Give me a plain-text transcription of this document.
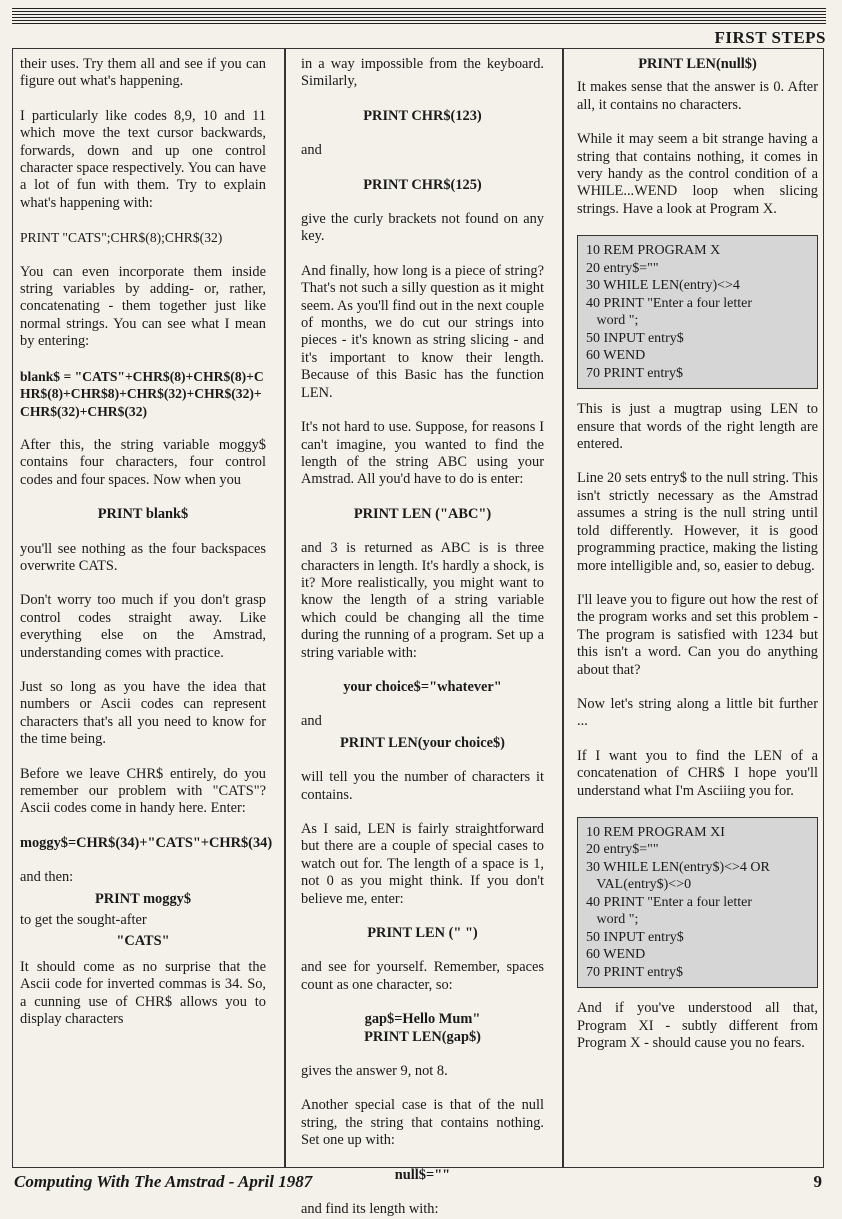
FIRST STEPS

their uses. Try them all and see if you can figure out what's happening.

I particularly like codes 8,9, 10 and 11 which move the text cursor backwards, forwards, down and up one control character space respectively. You can have a lot of fun with them. Try to explain what's happening with:

PRINT "CATS";CHR$(8);CHR$(32)

You can even incorporate them inside string variables by adding- or, rather, concatenating - them together just like normal strings. You can see what I mean by entering:

blank$ = "CATS"+CHR$(8)+CHR$(8)+CHR$(8)+CHR$8)+CHR$(32)+CHR$(32)+CHR$(32)+CHR$(32)

After this, the string variable moggy$ contains four characters, four control codes and four spaces. Now when you

PRINT blank$

you'll see nothing as the four backspaces overwrite CATS.

Don't worry too much if you don't grasp control codes straight away. Like everything else on the Amstrad, understanding comes with practice.

Just so long as you have the idea that numbers or Ascii codes can represent characters that's all you need to know for the time being.

Before we leave CHR$ entirely, do you remember our problem with "CATS"? Ascii codes come in handy here. Enter:

moggy$=CHR$(34)+"CATS"+CHR$(34)

and then:

PRINT moggy$

to get the sought-after

"CATS"

It should come as no surprise that the Ascii code for inverted commas is 34. So, a cunning use of CHR$ allows you to display characters

in a way impossible from the keyboard. Similarly,

PRINT CHR$(123)

and

PRINT CHR$(125)

give the curly brackets not found on any key.

And finally, how long is a piece of string? That's not such a silly question as it might seem. As you'll find out in the next couple of months, we do cut our strings into pieces - it's known as string slicing - and it's important to know their length. Because of this Basic has the function LEN.

It's not hard to use. Suppose, for reasons I can't imagine, you wanted to find the length of the string ABC using your Amstrad. All you'd have to do is enter:

PRINT LEN ("ABC")

and 3 is returned as ABC is is three characters in length. It's hardly a shock, is it? More realistically, you might want to know the length of a string variable which could be changing all the time during the running of a program. Set up a string variable with:

your choice$="whatever"

and

PRINT LEN(your choice$)

will tell you the number of characters it contains.

As I said, LEN is fairly straightforward but there are a couple of special cases to watch out for. The length of a space is 1, not 0 as you might think. If you don't believe me, enter:

PRINT LEN (" ")

and see for yourself. Remember, spaces count as one character, so:

gap$=Hello Mum"
PRINT LEN(gap$)

gives the answer 9, not 8.

Another special case is that of the null string, the string that contains nothing. Set one up with:

null$=""

and find its length with:

PRINT LEN(null$)

It makes sense that the answer is 0. After all, it contains no characters.

While it may seem a bit strange having a string that contains nothing, it comes in very handy as the control condition of a WHILE...WEND loop when slicing strings. Have a look at Program X.

10 REM PROGRAM X
20 entry$=""
30 WHILE LEN(entry)<>4
40 PRINT "Enter a four letter
word ";
50 INPUT entry$
60 WEND
70 PRINT entry$

This is just a mugtrap using LEN to ensure that words of the right length are entered.

Line 20 sets entry$ to the null string. This isn't strictly necessary as the Amstrad assumes a string is the null string until told differently. However, it is good programming practice, making the listing more intelligible and, so, easier to debug.

I'll leave you to figure out how the rest of the program works and set this problem - The program is satisfied with 1234 but this isn't a word. Can you do anything about that?

Now let's string along a little bit further ...

If I want you to find the LEN of a concatenation of CHR$ I hope you'll understand what I'm Asciiing you for.

10 REM PROGRAM XI
20 entry$=""
30 WHILE LEN(entry$)<>4 OR
VAL(entry$)<>0
40 PRINT "Enter a four letter
word ";
50 INPUT entry$
60 WEND
70 PRINT entry$

And if you've understood all that, Program XI - subtly different from Program X - should cause you no fears.

Computing With The Amstrad - April 1987	9
